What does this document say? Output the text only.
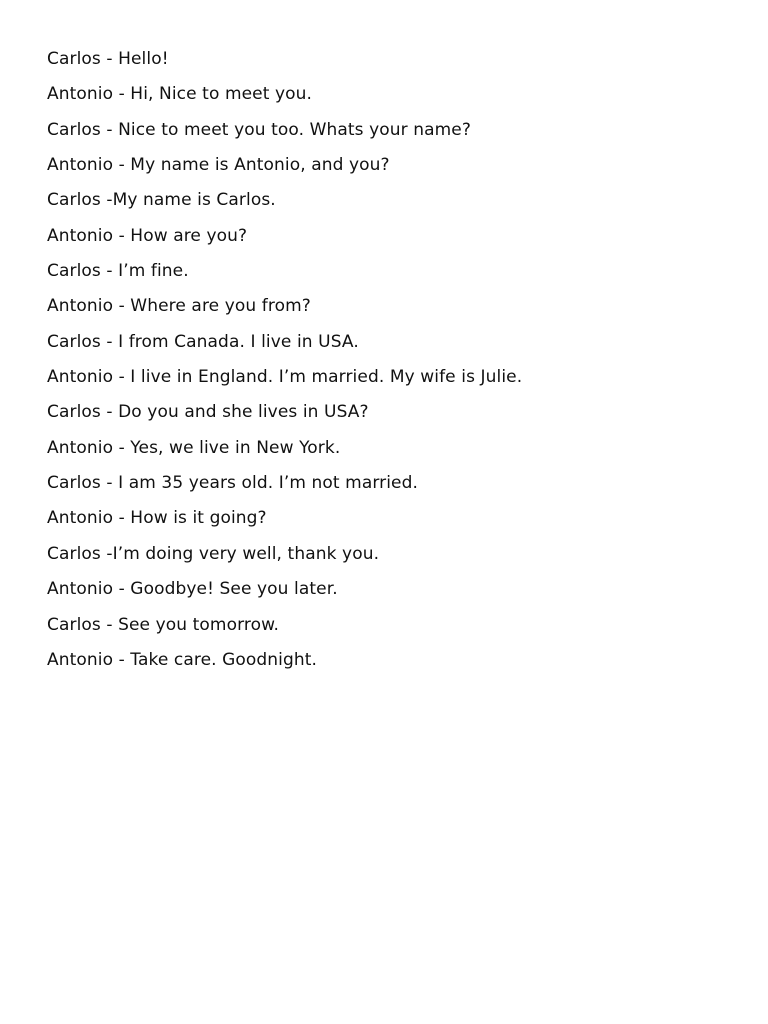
Carlos - Hello!
Antonio - Hi, Nice to meet you.
Carlos - Nice to meet you too. Whats your name?
Antonio - My name is Antonio, and you?
Carlos -My name is Carlos.
Antonio - How are you?
Carlos - I’m fine.
Antonio - Where are you from?
Carlos - I from Canada. I live in USA.
Antonio - I live in England. I’m married. My wife is Julie.
Carlos - Do you and she lives in USA?
Antonio - Yes, we live in New York.
Carlos - I am 35 years old. I’m not married.
Antonio - How is it going?
Carlos -I’m doing very well, thank you.
Antonio - Goodbye! See you later.
Carlos - See you tomorrow.
Antonio - Take care. Goodnight.
